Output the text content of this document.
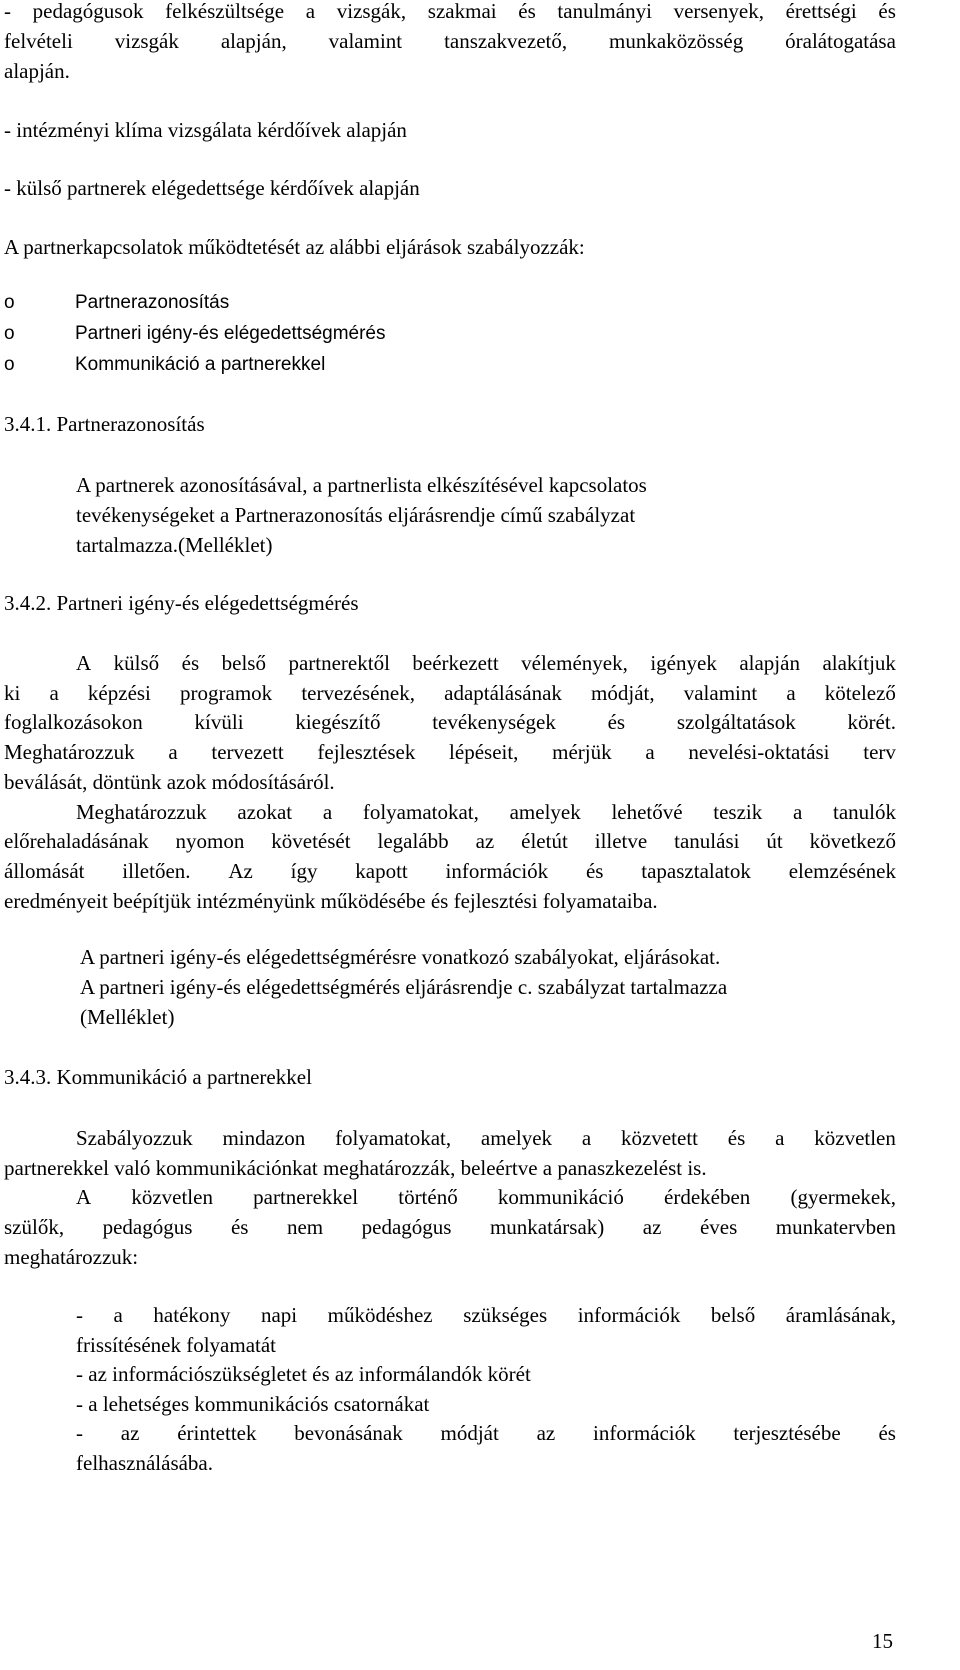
- pedagógusok felkészültsége a vizsgák, szakmai és tanulmányi versenyek, érettségi és
felvételi vizsgák alapján, valamint tanszakvezető, munkaközösség óralátogatása
alapján.
- intézményi klíma vizsgálata kérdőívek alapján
- külső partnerek elégedettsége kérdőívek alapján
A partnerkapcsolatok működtetését az alábbi eljárások szabályozzák:
o	Partnerazonosítás
o	Partneri igény-és elégedettségmérés
o	Kommunikáció a partnerekkel
3.4.1. Partnerazonosítás
A partnerek azonosításával, a partnerlista elkészítésével kapcsolatos
tevékenységeket a Partnerazonosítás eljárásrendje című szabályzat
tartalmazza.(Melléklet)
3.4.2. Partneri igény-és elégedettségmérés
A külső és belső partnerektől beérkezett vélemények, igények alapján alakítjuk
ki a képzési programok tervezésének, adaptálásának módját, valamint a kötelező
foglalkozásokon kívüli kiegészítő tevékenységek és szolgáltatások körét.
Meghatározzuk a tervezett fejlesztések lépéseit, mérjük a nevelési-oktatási terv
beválását, döntünk azok módosításáról.
Meghatározzuk azokat a folyamatokat, amelyek lehetővé teszik a tanulók
előrehaladásának nyomon követését legalább az életút illetve tanulási út következő
állomását illetően. Az így kapott információk és tapasztalatok elemzésének
eredményeit beépítjük intézményünk működésébe és fejlesztési folyamataiba.
A partneri igény-és elégedettségmérésre vonatkozó szabályokat, eljárásokat.
A partneri igény-és elégedettségmérés eljárásrendje c. szabályzat tartalmazza
(Melléklet)
3.4.3. Kommunikáció a partnerekkel
Szabályozzuk mindazon folyamatokat, amelyek a közvetett és a közvetlen
partnerekkel való kommunikációnkat meghatározzák, beleértve a panaszkezelést is.
A közvetlen partnerekkel történő kommunikáció érdekében (gyermekek,
szülők, pedagógus és nem pedagógus munkatársak) az éves munkatervben
meghatározzuk:
- a hatékony napi működéshez szükséges információk belső áramlásának,
frissítésének folyamatát
- az információszükségletet és az informálandók körét
- a lehetséges kommunikációs csatornákat
- az érintettek bevonásának módját az információk terjesztésébe és
felhasználásába.
15
